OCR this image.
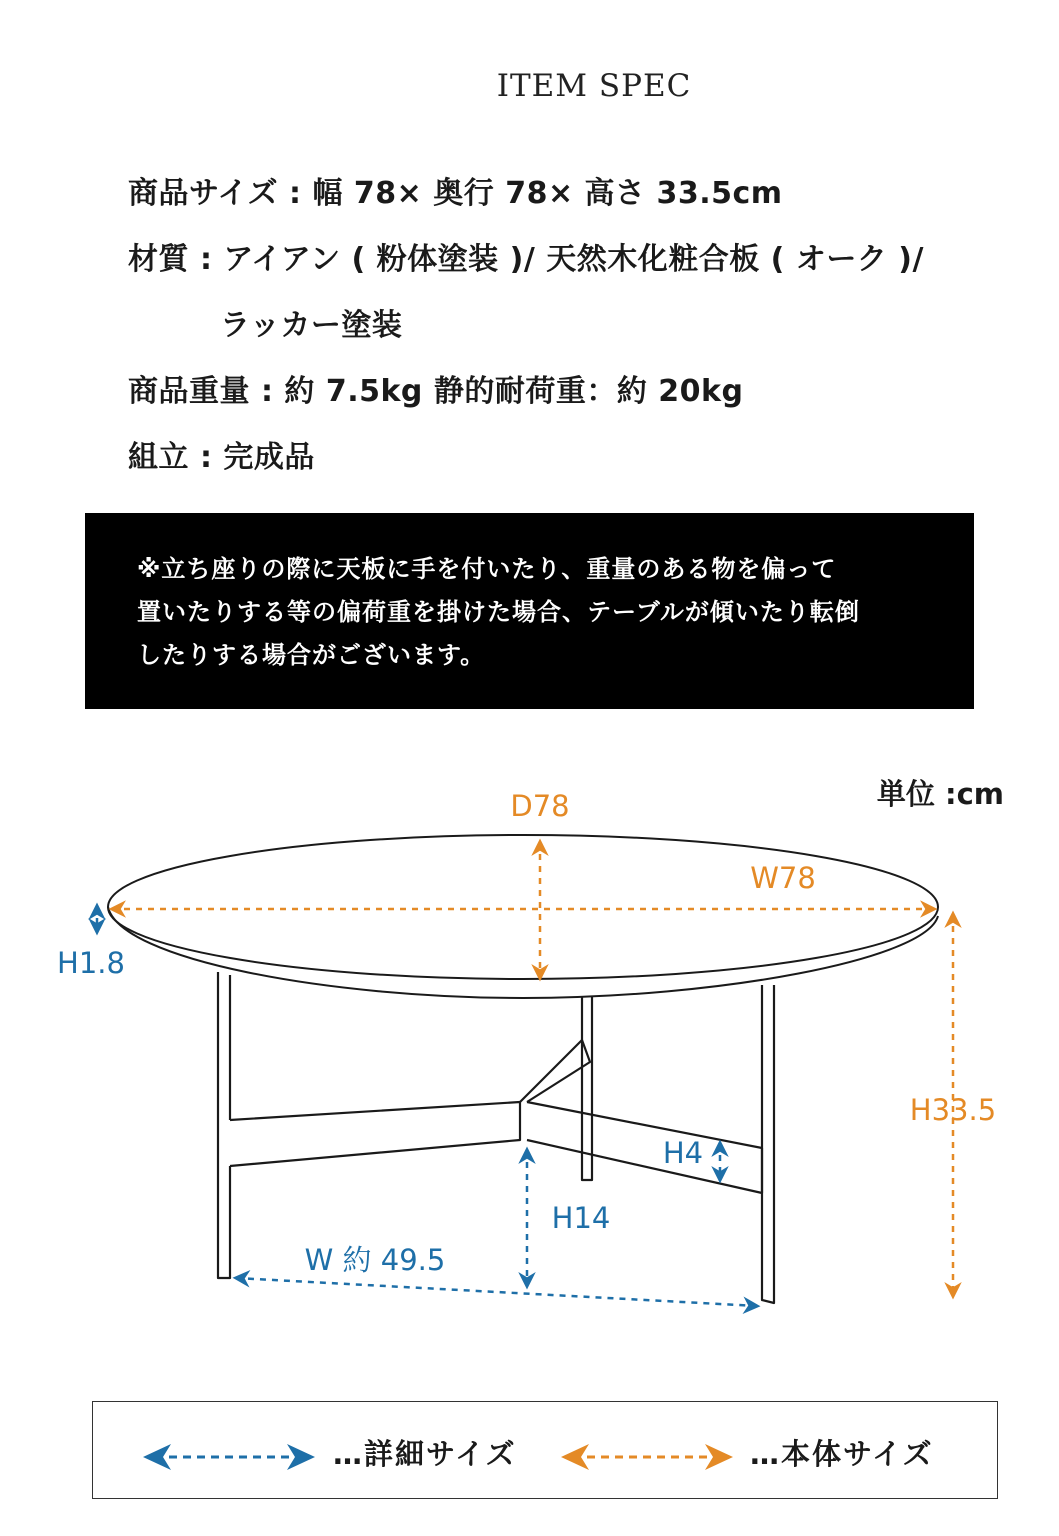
ITEM SPEC
商品サイズ : 幅 78× 奥行 78× 高さ 33.5cm
材質 : アイアン ( 粉体塗装 )/ 天然木化粧合板 ( オーク )/
ラッカー塗装
商品重量 : 約 7.5kg 静的耐荷重：約 20kg
組立 : 完成品
※立ち座りの際に天板に手を付いたり、重量のある物を偏って
置いたりする等の偏荷重を掛けた場合、テーブルが傾いたり転倒
したりする場合がございます。
単位 :cm
D78
W78
H33.5
H1.8
H4
H14
W 約 49.5
…詳細サイズ	…本体サイズ
